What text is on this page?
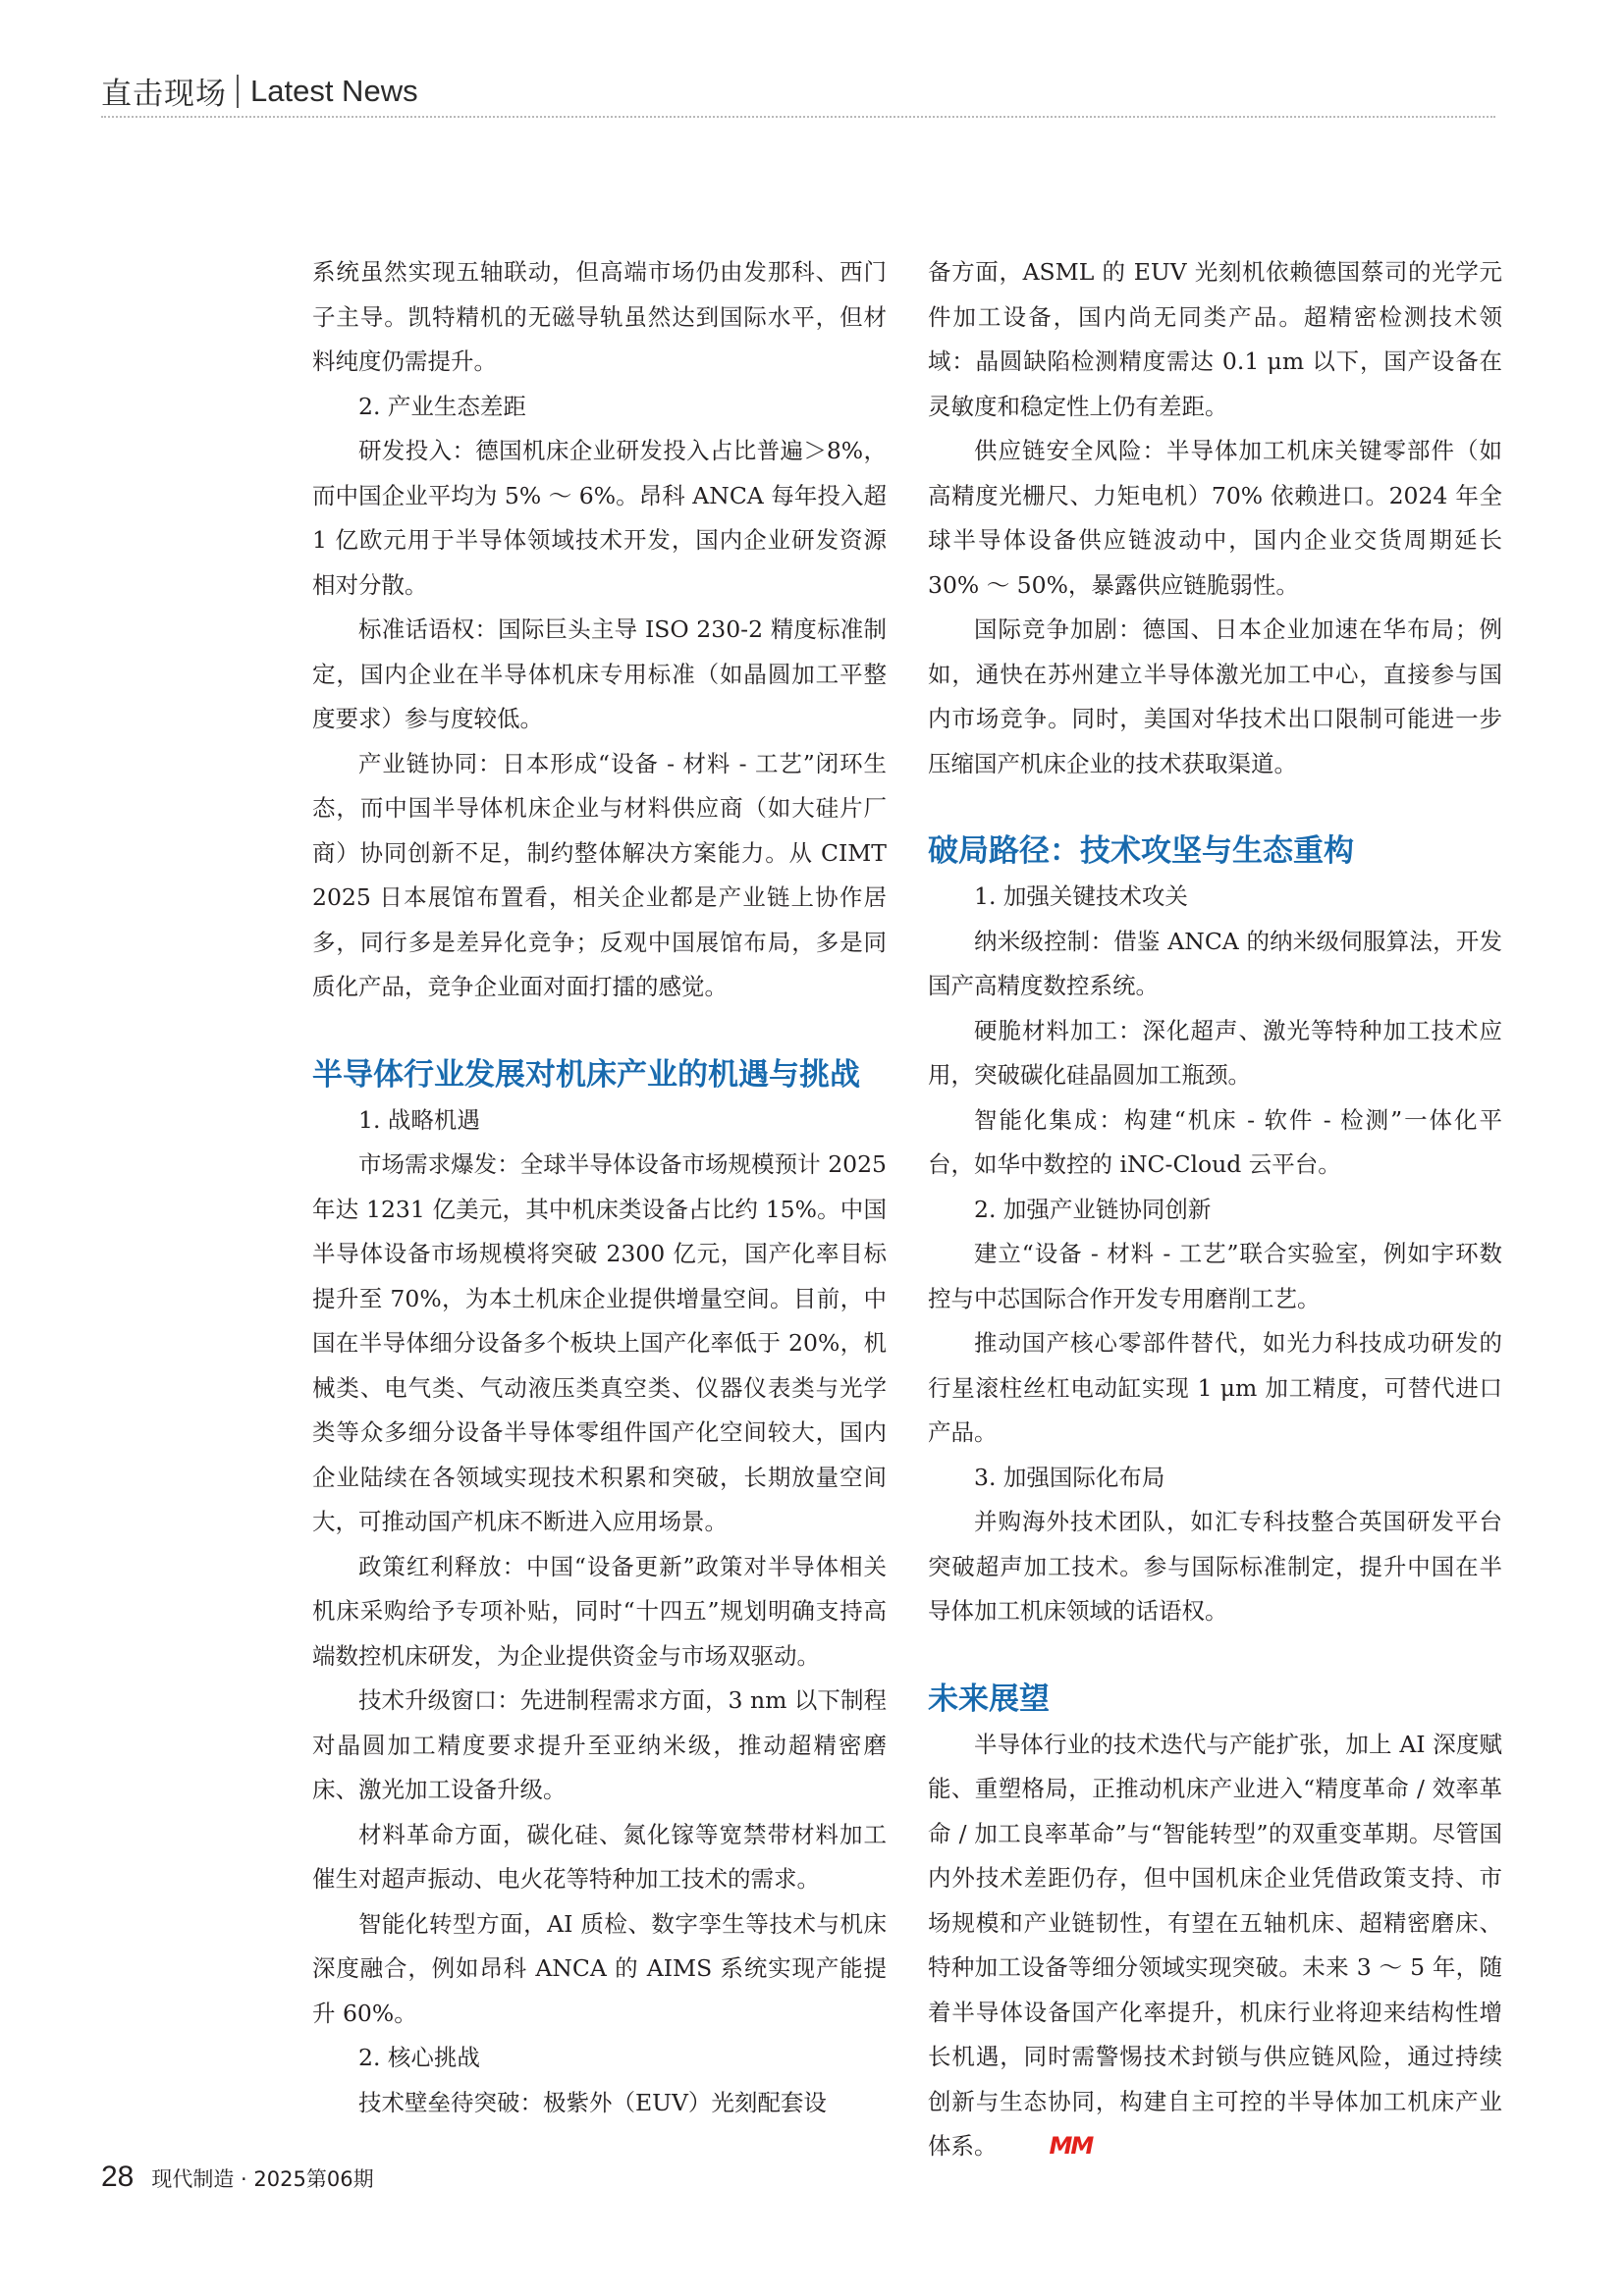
直击现场 Latest News

系统虽然实现五轴联动，但高端市场仍由发那科、西门子主导。凯特精机的无磁导轨虽然达到国际水平，但材料纯度仍需提升。

2. 产业生态差距

研发投入：德国机床企业研发投入占比普遍＞8%，而中国企业平均为 5% ～ 6%。昂科 ANCA 每年投入超 1 亿欧元用于半导体领域技术开发，国内企业研发资源相对分散。

标准话语权：国际巨头主导 ISO 230-2 精度标准制定，国内企业在半导体机床专用标准（如晶圆加工平整度要求）参与度较低。

产业链协同：日本形成“设备 - 材料 - 工艺”闭环生态，而中国半导体机床企业与材料供应商（如大硅片厂商）协同创新不足，制约整体解决方案能力。从 CIMT 2025 日本展馆布置看，相关企业都是产业链上协作居多，同行多是差异化竞争；反观中国展馆布局，多是同质化产品，竞争企业面对面打擂的感觉。

半导体行业发展对机床产业的机遇与挑战

1. 战略机遇

市场需求爆发：全球半导体设备市场规模预计 2025 年达 1231 亿美元，其中机床类设备占比约 15%。中国半导体设备市场规模将突破 2300 亿元，国产化率目标提升至 70%，为本土机床企业提供增量空间。目前，中国在半导体细分设备多个板块上国产化率低于 20%，机械类、电气类、气动液压类真空类、仪器仪表类与光学类等众多细分设备半导体零组件国产化空间较大，国内企业陆续在各领域实现技术积累和突破，长期放量空间大，可推动国产机床不断进入应用场景。

政策红利释放：中国“设备更新”政策对半导体相关机床采购给予专项补贴，同时“十四五”规划明确支持高端数控机床研发，为企业提供资金与市场双驱动。

技术升级窗口：先进制程需求方面，3 nm 以下制程对晶圆加工精度要求提升至亚纳米级，推动超精密磨床、激光加工设备升级。

材料革命方面，碳化硅、氮化镓等宽禁带材料加工催生对超声振动、电火花等特种加工技术的需求。

智能化转型方面，AI 质检、数字孪生等技术与机床深度融合，例如昂科 ANCA 的 AIMS 系统实现产能提升 60%。

2. 核心挑战

技术壁垒待突破：极紫外（EUV）光刻配套设

备方面，ASML 的 EUV 光刻机依赖德国蔡司的光学元件加工设备，国内尚无同类产品。超精密检测技术领域：晶圆缺陷检测精度需达 0.1 μm 以下，国产设备在灵敏度和稳定性上仍有差距。

供应链安全风险：半导体加工机床关键零部件（如高精度光栅尺、力矩电机）70% 依赖进口。2024 年全球半导体设备供应链波动中，国内企业交货周期延长 30% ～ 50%，暴露供应链脆弱性。

国际竞争加剧：德国、日本企业加速在华布局；例如，通快在苏州建立半导体激光加工中心，直接参与国内市场竞争。同时，美国对华技术出口限制可能进一步压缩国产机床企业的技术获取渠道。

破局路径：技术攻坚与生态重构

1. 加强关键技术攻关

纳米级控制：借鉴 ANCA 的纳米级伺服算法，开发国产高精度数控系统。

硬脆材料加工：深化超声、激光等特种加工技术应用，突破碳化硅晶圆加工瓶颈。

智能化集成：构建“机床 - 软件 - 检测”一体化平台，如华中数控的 iNC-Cloud 云平台。

2. 加强产业链协同创新

建立“设备 - 材料 - 工艺”联合实验室，例如宇环数控与中芯国际合作开发专用磨削工艺。

推动国产核心零部件替代，如光力科技成功研发的行星滚柱丝杠电动缸实现 1 μm 加工精度，可替代进口产品。

3. 加强国际化布局

并购海外技术团队，如汇专科技整合英国研发平台突破超声加工技术。参与国际标准制定，提升中国在半导体加工机床领域的话语权。

未来展望

半导体行业的技术迭代与产能扩张，加上 AI 深度赋能、重塑格局，正推动机床产业进入“精度革命 / 效率革命 / 加工良率革命”与“智能转型”的双重变革期。尽管国内外技术差距仍存，但中国机床企业凭借政策支持、市场规模和产业链韧性，有望在五轴机床、超精密磨床、特种加工设备等细分领域实现突破。未来 3 ～ 5 年，随着半导体设备国产化率提升，机床行业将迎来结构性增长机遇，同时需警惕技术封锁与供应链风险，通过持续创新与生态协同，构建自主可控的半导体加工机床产业体系。 MM

28 现代制造 · 2025第06期
